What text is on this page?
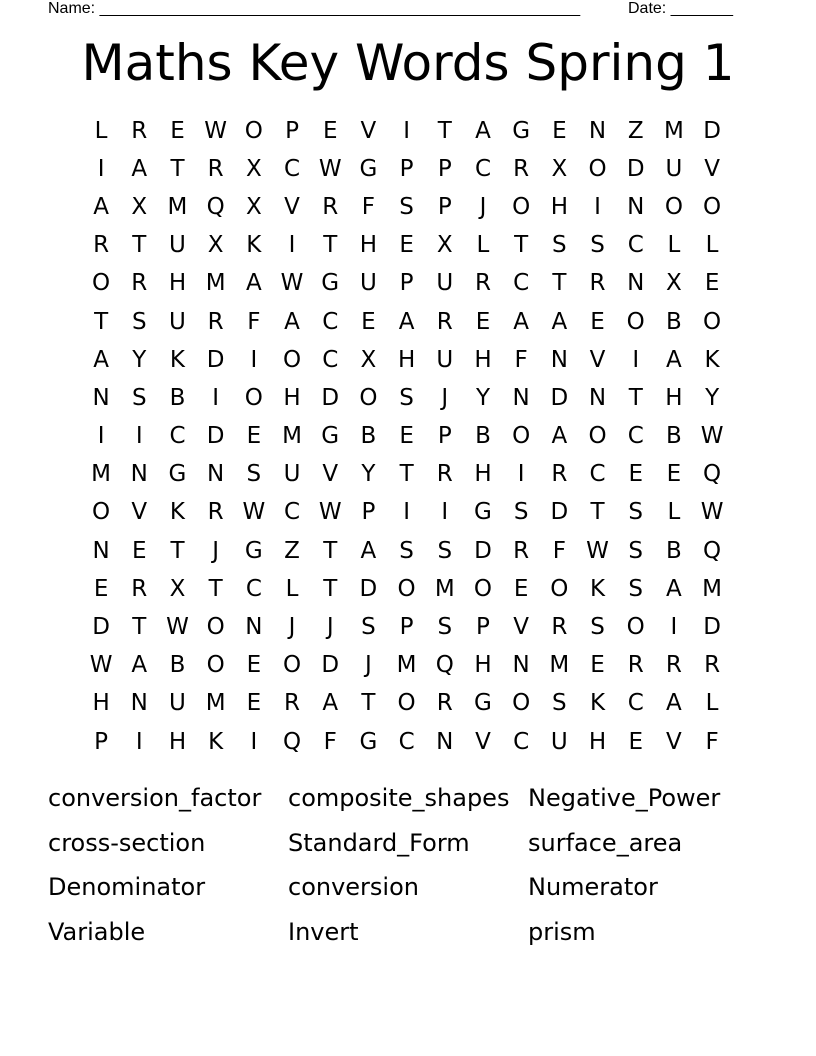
Name: ______________________________________________________	Date: _______
Maths Key Words Spring 1
L	R E W O P	E	V	I	T	A G E N Z M D
I	A	T	R X C W G P	P	C R X O D U V
A X M Q X V R	F	S	P	J	O H	I	N O O
R	T U X K	I	T H E	X	L	T	S	S C	L	L
O R H M A W G U P U R C	T	R N X	E
T	S U R	F	A C E	A R E	A A	E O B O
A	Y	K D	I	O C X H U H F N V	I	A K
N S	B	I	O H D O S	J	Y N D N T H Y
I	I	C D E M G B	E	P	B O A O C B W
M N G N S U V	Y	T	R H	I	R C E	E Q
O V K R W C W P	I	I	G S D T	S	L W
N E	T	J	G Z	T	A	S	S D R	F W S	B Q
E R X	T	C	L	T D O M O E O K	S	A M
D T W O N	J	J	S	P	S	P	V R S O	I	D
W A B O E O D	J	M Q H N M E R R R
H N U M E R A	T O R G O S	K C A	L
P	I	H K	I	Q F G C N V C U H E	V	F
conversion_factor	composite_shapes Negative_Power
cross-section	Standard_Form	surface_area
Denominator	conversion	Numerator
Variable	Invert	prism
